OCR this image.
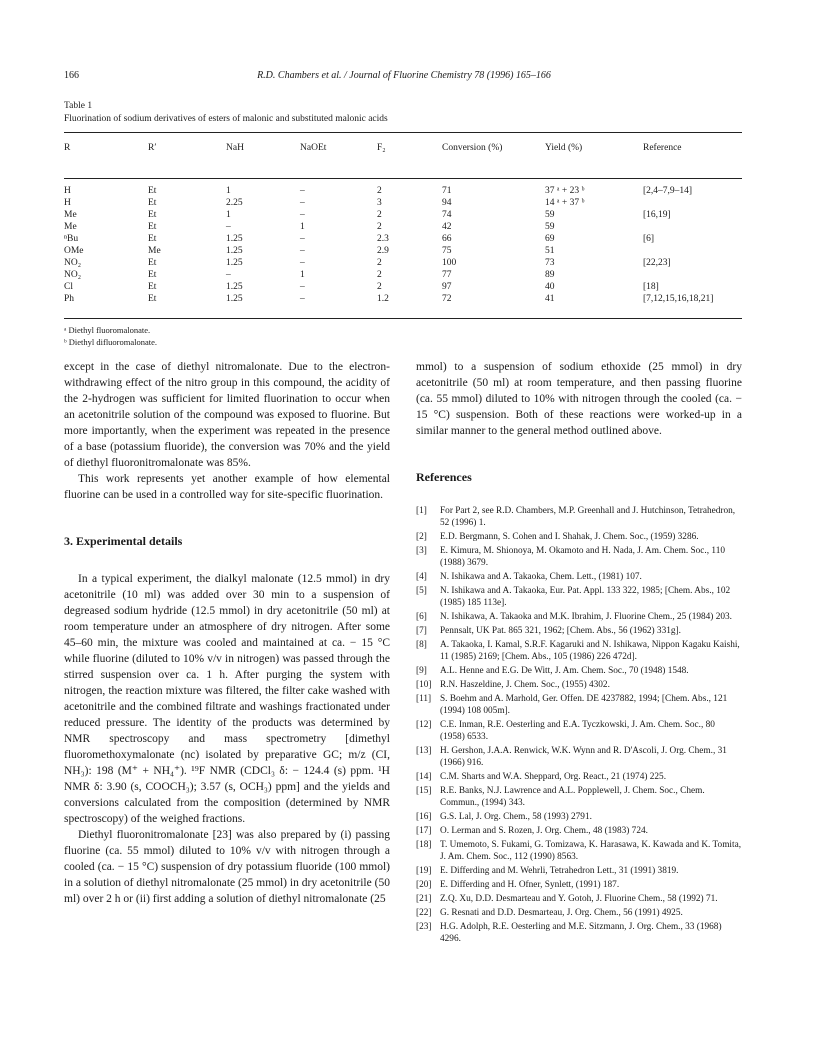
166	R.D. Chambers et al. / Journal of Fluorine Chemistry 78 (1996) 165–166
Table 1
Fluorination of sodium derivatives of esters of malonic and substituted malonic acids
R	R′	NaH	NaOEt	F₂	Conversion (%)	Yield (%)	Reference
H	Et	1	–	2	71	37 ᵃ + 23 ᵇ	[2,4–7,9–14]
H	Et	2.25	–	3	94	14 ᵃ + 37 ᵇ	
Me	Et	1	–	2	74	59	[16,19]
Me	Et	–	1	2	42	59	
ⁿBu	Et	1.25	–	2.3	66	69	[6]
OMe	Me	1.25	–	2.9	75	51	
NO₂	Et	1.25	–	2	100	73	[22,23]
NO₂	Et	–	1	2	77	89	
Cl	Et	1.25	–	2	97	40	[18]
Ph	Et	1.25	–	1.2	72	41	[7,12,15,16,18,21]
ᵃ Diethyl fluoromalonate.
ᵇ Diethyl difluoromalonate.

except in the case of diethyl nitromalonate. Due to the electron-withdrawing effect of the nitro group in this compound, the acidity of the 2-hydrogen was sufficient for limited fluorination to occur when an acetonitrile solution of the compound was exposed to fluorine. But more importantly, when the experiment was repeated in the presence of a base (potassium fluoride), the conversion was 70% and the yield of diethyl fluoronitromalonate was 85%.

This work represents yet another example of how elemental fluorine can be used in a controlled way for site-specific fluorination.

3. Experimental details

In a typical experiment, the dialkyl malonate (12.5 mmol) in dry acetonitrile (10 ml) was added over 30 min to a suspension of degreased sodium hydride (12.5 mmol) in dry acetonitrile (50 ml) at room temperature under an atmosphere of dry nitrogen. After some 45–60 min, the mixture was cooled and maintained at ca. − 15 °C while fluorine (diluted to 10% v/v in nitrogen) was passed through the stirred suspension over ca. 1 h. After purging the system with nitrogen, the reaction mixture was filtered, the filter cake washed with acetonitrile and the combined filtrate and washings fractionated under reduced pressure. The identity of the products was determined by NMR spectroscopy and mass spectrometry [dimethyl fluoromethoxymalonate (nc) isolated by preparative GC; m/z (CI, NH₃): 198 (M⁺ + NH₄⁺). ¹⁹F NMR (CDCl₃ δ: − 124.4 (s) ppm. ¹H NMR δ: 3.90 (s, COOCH₃); 3.57 (s, OCH₃) ppm] and the yields and conversions calculated from the composition (determined by NMR spectroscopy) of the weighed fractions.

Diethyl fluoronitromalonate [23] was also prepared by (i) passing fluorine (ca. 55 mmol) diluted to 10% v/v with nitrogen through a cooled (ca. − 15 °C) suspension of dry potassium fluoride (100 mmol) in a solution of diethyl nitromalonate (25 mmol) in dry acetonitrile (50 ml) over 2 h or (ii) first adding a solution of diethyl nitromalonate (25

mmol) to a suspension of sodium ethoxide (25 mmol) in dry acetonitrile (50 ml) at room temperature, and then passing fluorine (ca. 55 mmol) diluted to 10% with nitrogen through the cooled (ca. − 15 °C) suspension. Both of these reactions were worked-up in a similar manner to the general method outlined above.

References
[1] For Part 2, see R.D. Chambers, M.P. Greenhall and J. Hutchinson, Tetrahedron, 52 (1996) 1.
[2] E.D. Bergmann, S. Cohen and I. Shahak, J. Chem. Soc., (1959) 3286.
[3] E. Kimura, M. Shionoya, M. Okamoto and H. Nada, J. Am. Chem. Soc., 110 (1988) 3679.
[4] N. Ishikawa and A. Takaoka, Chem. Lett., (1981) 107.
[5] N. Ishikawa and A. Takaoka, Eur. Pat. Appl. 133 322, 1985; [Chem. Abs., 102 (1985) 185 113e].
[6] N. Ishikawa, A. Takaoka and M.K. Ibrahim, J. Fluorine Chem., 25 (1984) 203.
[7] Pennsalt, UK Pat. 865 321, 1962; [Chem. Abs., 56 (1962) 331g].
[8] A. Takaoka, I. Kamal, S.R.F. Kagaruki and N. Ishikawa, Nippon Kagaku Kaishi, 11 (1985) 2169; [Chem. Abs., 105 (1986) 226 472d].
[9] A.L. Henne and E.G. De Witt, J. Am. Chem. Soc., 70 (1948) 1548.
[10] R.N. Haszeldine, J. Chem. Soc., (1955) 4302.
[11] S. Boehm and A. Marhold, Ger. Offen. DE 4237882, 1994; [Chem. Abs., 121 (1994) 108 005m].
[12] C.E. Inman, R.E. Oesterling and E.A. Tyczkowski, J. Am. Chem. Soc., 80 (1958) 6533.
[13] H. Gershon, J.A.A. Renwick, W.K. Wynn and R. D'Ascoli, J. Org. Chem., 31 (1966) 916.
[14] C.M. Sharts and W.A. Sheppard, Org. React., 21 (1974) 225.
[15] R.E. Banks, N.J. Lawrence and A.L. Popplewell, J. Chem. Soc., Chem. Commun., (1994) 343.
[16] G.S. Lal, J. Org. Chem., 58 (1993) 2791.
[17] O. Lerman and S. Rozen, J. Org. Chem., 48 (1983) 724.
[18] T. Umemoto, S. Fukami, G. Tomizawa, K. Harasawa, K. Kawada and K. Tomita, J. Am. Chem. Soc., 112 (1990) 8563.
[19] E. Differding and M. Wehrli, Tetrahedron Lett., 31 (1991) 3819.
[20] E. Differding and H. Ofner, Synlett, (1991) 187.
[21] Z.Q. Xu, D.D. Desmarteau and Y. Gotoh, J. Fluorine Chem., 58 (1992) 71.
[22] G. Resnati and D.D. Desmarteau, J. Org. Chem., 56 (1991) 4925.
[23] H.G. Adolph, R.E. Oesterling and M.E. Sitzmann, J. Org. Chem., 33 (1968) 4296.
